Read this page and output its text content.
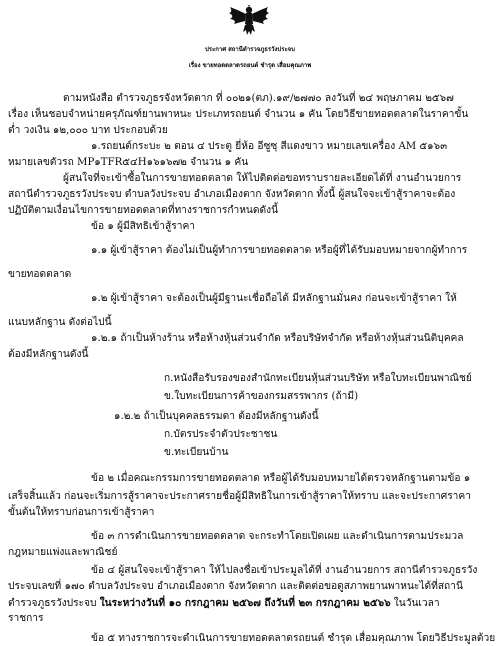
ประกาศ สถานีตำรวจภูธรวังประจบ

เรื่อง ขายทอดตลาดรถยนต์ ชำรุด เสื่อมคุณภาพ

ตามหนังสือ ตำรวจภูธรจังหวัดตาก ที่ ๐๐๒๑(ตภ).๑๙/๒๗๗๐ ลงวันที่ ๒๔ พฤษภาคม ๒๕๖๗

เรื่อง เห็นชอบจำหน่ายครุภัณฑ์ยานพาหนะ ประเภทรถยนต์ จำนวน ๑ คัน โดยวิธีขายทอดตลาดในราคาขั้น

ต่ำ วงเงิน ๑๒,๐๐๐ บาท ประกอบด้วย

๑.รถยนต์กระบะ ๒ ตอน ๔ ประตู ยี่ห้อ อีซูซุ สีแดงขาว หมายเลขเครื่อง AM ๕๑๖๓

หมายเลขตัวรถ MP๑TFR๕๔H๑๖๑๖๗๒ จำนวน ๑ คัน

ผู้สนใจที่จะเข้าซื้อในการขายทอดตลาด ให้ไปติดต่อขอทราบรายละเอียดได้ที่ งานอำนวยการ

สถานีตำรวจภูธรวังประจบ ตำบลวังประจบ อำเภอเมืองตาก จังหวัดตาก ทั้งนี้ ผู้สนใจจะเข้าสู้ราคาจะต้อง

ปฏิบัติตามเงื่อนไขการขายทอดตลาดที่ทางราชการกำหนดดังนี้

ข้อ ๑ ผู้มีสิทธิเข้าสู้ราคา

๑.๑ ผู้เข้าสู้ราคา ต้องไม่เป็นผู้ทำการขายทอดตลาด หรือผู้ที่ได้รับมอบหมายจากผู้ทำการ

ขายทอดตลาด

๑.๒ ผู้เข้าสู้ราคา จะต้องเป็นผู้มีฐานะเชื่อถือได้ มีหลักฐานมั่นคง ก่อนจะเข้าสู้ราคา ให้

แนบหลักฐาน ดังต่อไปนี้

๑.๒.๑ ถ้าเป็นห้างร้าน หรือห้างหุ้นส่วนจำกัด หรือบริษัทจำกัด หรือห้างหุ้นส่วนนิติบุคคล

ต้องมีหลักฐานดังนี้

ก.หนังสือรับรองของสำนักทะเบียนหุ้นส่วนบริษัท หรือใบทะเบียนพาณิชย์

ข.ใบทะเบียนการค้าของกรมสรรพากร (ถ้ามี)

๑.๒.๒ ถ้าเป็นบุคคลธรรมดา ต้องมีหลักฐานดังนี้

ก.บัตรประจำตัวประชาชน

ข.ทะเบียนบ้าน

ข้อ ๒ เมื่อคณะกรรมการขายทอดตลาด หรือผู้ได้รับมอบหมายได้ตรวจหลักฐานตามข้อ ๑

เสร็จสิ้นแล้ว ก่อนจะเริ่มการสู้ราคาจะประกาศรายชื่อผู้มีสิทธิในการเข้าสู้ราคาให้ทราบ และจะประกาศราคา

ขั้นต้นให้ทราบก่อนการเข้าสู้ราคา

ข้อ ๓ การดำเนินการขายทอดตลาด จะกระทำโดยเปิดเผย และดำเนินการตามประมวล

กฎหมายแพ่งและพาณิชย์

ข้อ ๔ ผู้สนใจจะเข้าสู้ราคา ให้ไปลงชื่อเข้าประมูลได้ที่ งานอำนวยการ สถานีตำรวจภูธรวัง

ประจบเลขที่ ๑๗๐ ตำบลวังประจบ อำเภอเมืองตาก จังหวัดตาก และติดต่อขอดูสภาพยานพาหนะได้ที่สถานี

ตำรวจภูธรวังประจบ ในระหว่างวันที่ ๑๐ กรกฎาคม ๒๕๖๗ ถึงวันที่ ๒๓ กรกฎาคม ๒๕๖๖ ในวันเวลา

ราชการ

ข้อ ๕ ทางราชการจะดำเนินการขายทอดตลาดรถยนต์ ชำรุด เสื่อมคุณภาพ โดยวิธีประมูลด้วย
